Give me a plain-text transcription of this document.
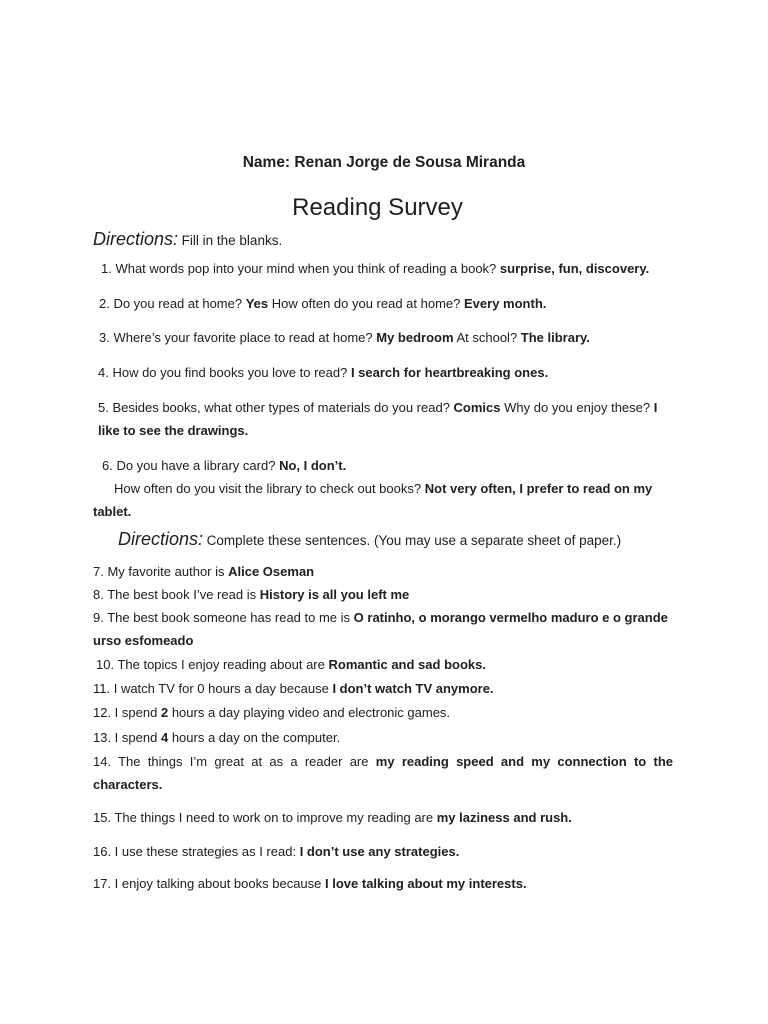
Name: Renan Jorge de Sousa Miranda
Reading Survey
Directions: Fill in the blanks.
1. What words pop into your mind when you think of reading a book? surprise, fun, discovery.
2. Do you read at home? Yes How often do you read at home? Every month.
3. Where’s your favorite place to read at home? My bedroom At school? The library.
4. How do you find books you love to read? I search for heartbreaking ones.
5. Besides books, what other types of materials do you read? Comics Why do you enjoy these? I like to see the drawings.
6. Do you have a library card? No, I don’t.
How often do you visit the library to check out books? Not very often, I prefer to read on my tablet.
Directions: Complete these sentences. (You may use a separate sheet of paper.)
7. My favorite author is Alice Oseman
8. The best book I’ve read is History is all you left me
9. The best book someone has read to me is O ratinho, o morango vermelho maduro e o grande urso esfomeado
10. The topics I enjoy reading about are Romantic and sad books.
11. I watch TV for 0 hours a day because I don’t watch TV anymore.
12. I spend 2 hours a day playing video and electronic games.
13. I spend 4 hours a day on the computer.
14. The things I’m great at as a reader are my reading speed and my connection to the characters.
15. The things I need to work on to improve my reading are my laziness and rush.
16. I use these strategies as I read: I don’t use any strategies.
17. I enjoy talking about books because I love talking about my interests.
